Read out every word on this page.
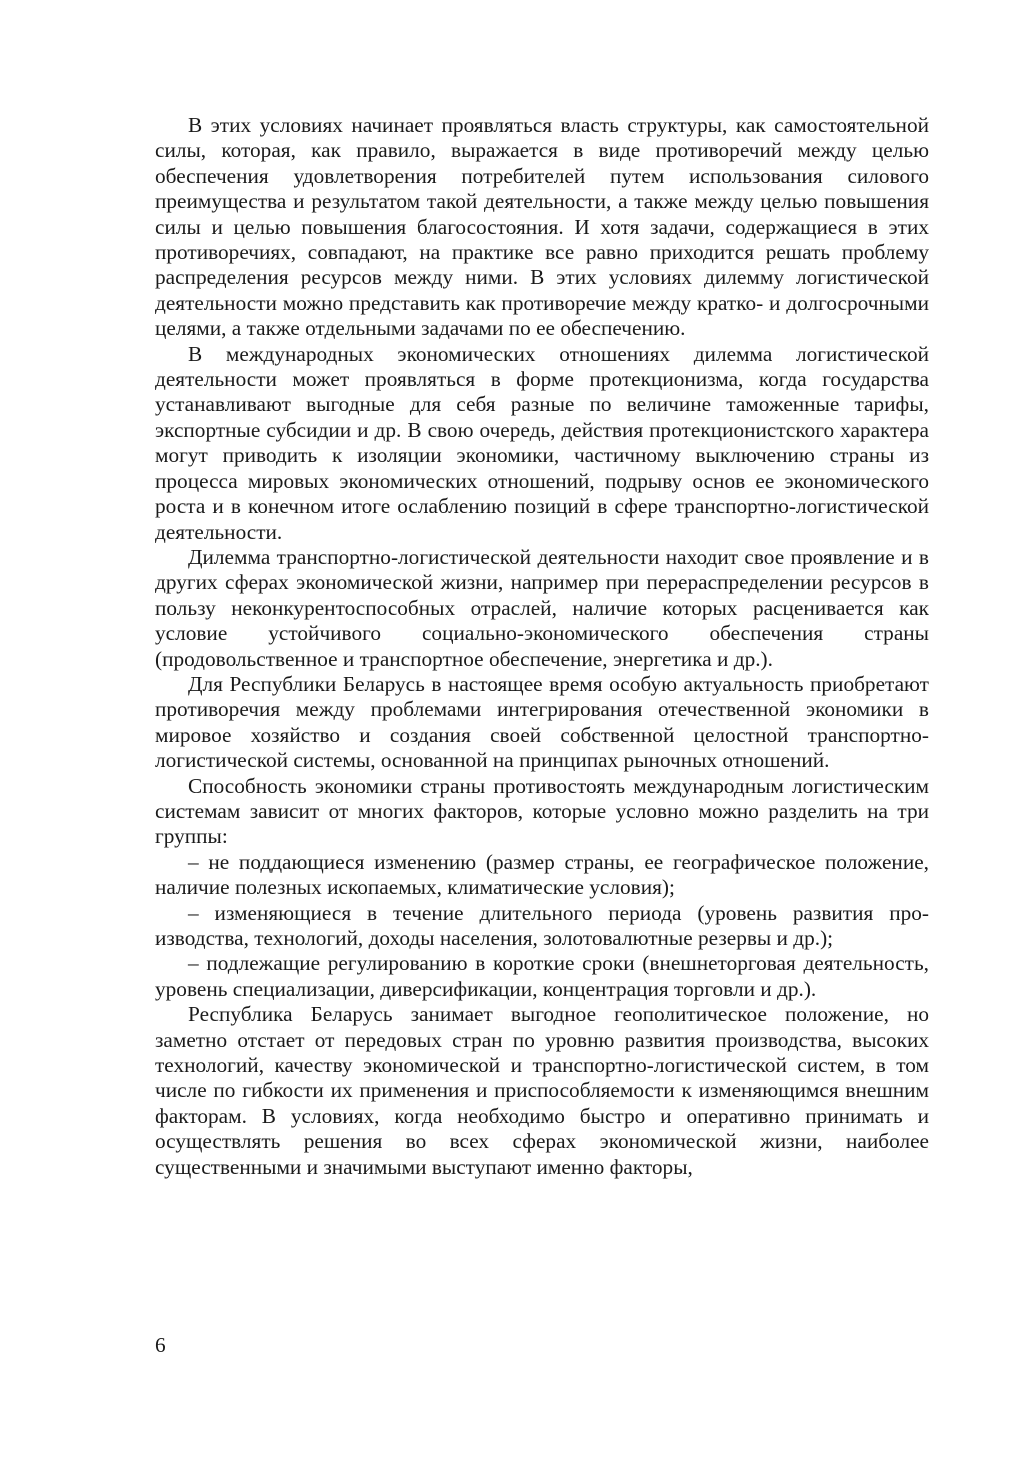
В этих условиях начинает проявляться власть структуры, как самостоятельной силы, которая, как правило, выражается в виде противоречий между целью обеспечения удовлетворения потребителей путем использования силового преимущества и результатом такой деятельности, а также между целью повышения силы и целью повышения благосостояния. И хотя задачи, содержащиеся в этих противоречиях, совпадают, на практике все равно приходится решать проблему распределения ресурсов между ними. В этих условиях дилемму логистической деятельности можно представить как противоречие между кратко- и долгосрочными целями, а также отдельными задачами по ее обеспечению.

В международных экономических отношениях дилемма логистической деятельности может проявляться в форме протекционизма, когда государства устанавливают выгодные для себя разные по величине таможенные тарифы, экспортные субсидии и др. В свою очередь, действия протекционистского характера могут приводить к изоляции экономики, частичному выключению страны из процесса мировых экономических отношений, подрыву основ ее экономического роста и в конечном итоге ослаблению позиций в сфере транспортно-логистической деятельности.

Дилемма транспортно-логистической деятельности находит свое проявление и в других сферах экономической жизни, например при перераспределении ресурсов в пользу неконкурентоспособных отраслей, наличие которых расценивается как условие устойчивого социально-экономического обеспечения страны (продовольственное и транспортное обеспечение, энергетика и др.).

Для Республики Беларусь в настоящее время особую актуальность приобретают противоречия между проблемами интегрирования отечественной экономики в мировое хозяйство и создания своей собственной целостной транспортно-логистической системы, основанной на принципах рыночных отношений.

Способность экономики страны противостоять международным логистическим системам зависит от многих факторов, которые условно можно разделить на три группы:

– не поддающиеся изменению (размер страны, ее географическое положение, наличие полезных ископаемых, климатические условия);

– изменяющиеся в течение длительного периода (уровень развития производства, технологий, доходы населения, золотовалютные резервы и др.);

– подлежащие регулированию в короткие сроки (внешнеторговая деятельность, уровень специализации, диверсификации, концентрация торговли и др.).

Республика Беларусь занимает выгодное геополитическое положение, но заметно отстает от передовых стран по уровню развития производства, высоких технологий, качеству экономической и транспортно-логистической систем, в том числе по гибкости их применения и приспособляемости к изменяющимся внешним факторам. В условиях, когда необходимо быстро и оперативно принимать и осуществлять решения во всех сферах экономической жизни, наиболее существенными и значимыми выступают именно факторы,

6
